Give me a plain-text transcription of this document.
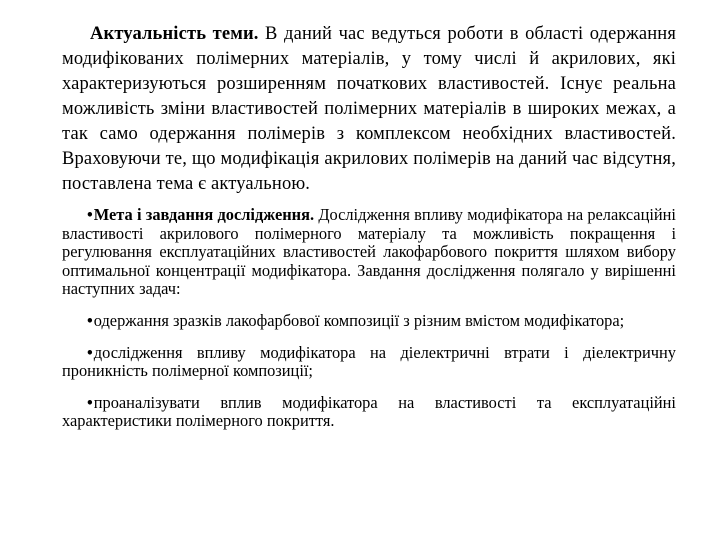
Актуальність теми. В даний час ведуться роботи в області одержання модифікованих полімерних матеріалів, у тому числі й акрилових, які характеризуються розширенням початкових властивостей. Існує реальна можливість зміни властивостей полімерних матеріалів в широких межах, а так само одержання полімерів з комплексом необхідних властивостей. Враховуючи те, що модифікація акрилових полімерів на даний час відсутня, поставлена тема є актуальною.

•Мета і завдання дослідження. Дослідження впливу модифікатора на релаксаційні властивості акрилового полімерного матеріалу та можливість покращення і регулювання експлуатаційних властивостей лакофарбового покриття шляхом вибору оптимальної концентрації модифікатора. Завдання дослідження полягало у вирішенні наступних задач:
•одержання зразків лакофарбової композиції з різним вмістом модифікатора;
•дослідження впливу модифікатора на діелектричні втрати і діелектричну проникність полімерної композиції;
•проаналізувати вплив модифікатора на властивості та експлуатаційні характеристики полімерного покриття.
